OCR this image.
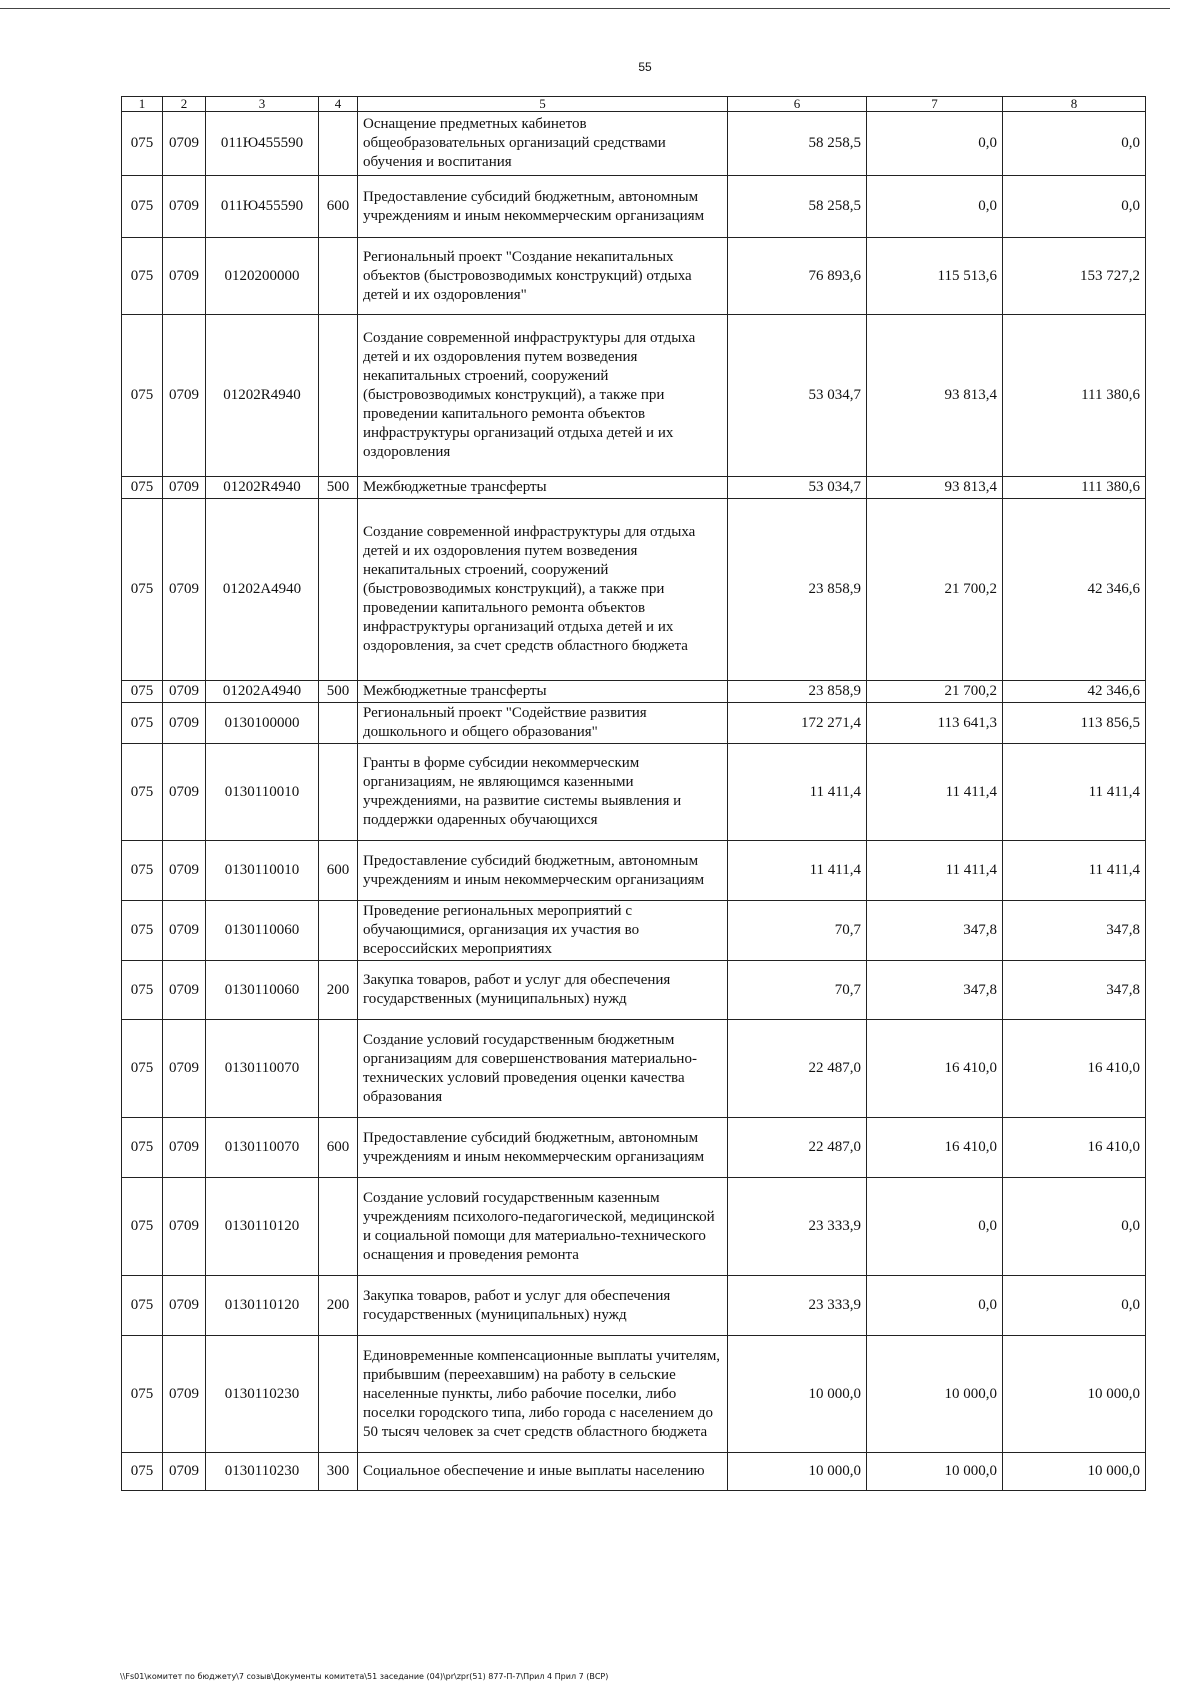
55
1	2	3	4	5	6	7	8
075	0709	011Ю455590		Оснащение предметных кабинетов общеобразовательных организаций средствами обучения и воспитания	58 258,5	0,0	0,0
075	0709	011Ю455590	600	Предоставление субсидий бюджетным, автономным учреждениям и иным некоммерческим организациям	58 258,5	0,0	0,0
075	0709	0120200000		Региональный проект "Создание некапитальных объектов (быстровозводимых конструкций) отдыха детей и их оздоровления"	76 893,6	115 513,6	153 727,2
075	0709	01202R4940		Создание современной инфраструктуры для отдыха детей и их оздоровления путем возведения некапитальных строений, сооружений (быстровозводимых конструкций), а также при проведении капитального ремонта объектов инфраструктуры организаций отдыха детей и их оздоровления	53 034,7	93 813,4	111 380,6
075	0709	01202R4940	500	Межбюджетные трансферты	53 034,7	93 813,4	111 380,6
075	0709	01202A4940		Создание современной инфраструктуры для отдыха детей и их оздоровления путем возведения некапитальных строений, сооружений (быстровозводимых конструкций), а также при проведении капитального ремонта объектов инфраструктуры организаций отдыха детей и их оздоровления, за счет средств областного бюджета	23 858,9	21 700,2	42 346,6
075	0709	01202A4940	500	Межбюджетные трансферты	23 858,9	21 700,2	42 346,6
075	0709	0130100000		Региональный проект "Содействие развития дошкольного и общего образования"	172 271,4	113 641,3	113 856,5
075	0709	0130110010		Гранты в форме субсидии некоммерческим организациям, не являющимся казенными учреждениями, на развитие системы выявления и поддержки одаренных обучающихся	11 411,4	11 411,4	11 411,4
075	0709	0130110010	600	Предоставление субсидий бюджетным, автономным учреждениям и иным некоммерческим организациям	11 411,4	11 411,4	11 411,4
075	0709	0130110060		Проведение региональных мероприятий с обучающимися, организация их участия во всероссийских мероприятиях	70,7	347,8	347,8
075	0709	0130110060	200	Закупка товаров, работ и услуг для обеспечения государственных (муниципальных) нужд	70,7	347,8	347,8
075	0709	0130110070		Создание условий государственным бюджетным организациям для совершенствования материально-технических условий проведения оценки качества образования	22 487,0	16 410,0	16 410,0
075	0709	0130110070	600	Предоставление субсидий бюджетным, автономным учреждениям и иным некоммерческим организациям	22 487,0	16 410,0	16 410,0
075	0709	0130110120		Создание условий государственным казенным учреждениям психолого-педагогической, медицинской и социальной помощи для материально-технического оснащения и проведения ремонта	23 333,9	0,0	0,0
075	0709	0130110120	200	Закупка товаров, работ и услуг для обеспечения государственных (муниципальных) нужд	23 333,9	0,0	0,0
075	0709	0130110230		Единовременные компенсационные выплаты учителям, прибывшим (переехавшим) на работу в сельские населенные пункты, либо рабочие поселки, либо поселки городского типа, либо города с населением до 50 тысяч человек за счет средств областного бюджета	10 000,0	10 000,0	10 000,0
075	0709	0130110230	300	Социальное обеспечение и иные выплаты населению	10 000,0	10 000,0	10 000,0
\\Fs01\комитет по бюджету\7 созыв\Документы комитета\51 заседание (04)\pr\zpr(51) 877-П-7\Прил 4 Прил 7 (ВСР)
